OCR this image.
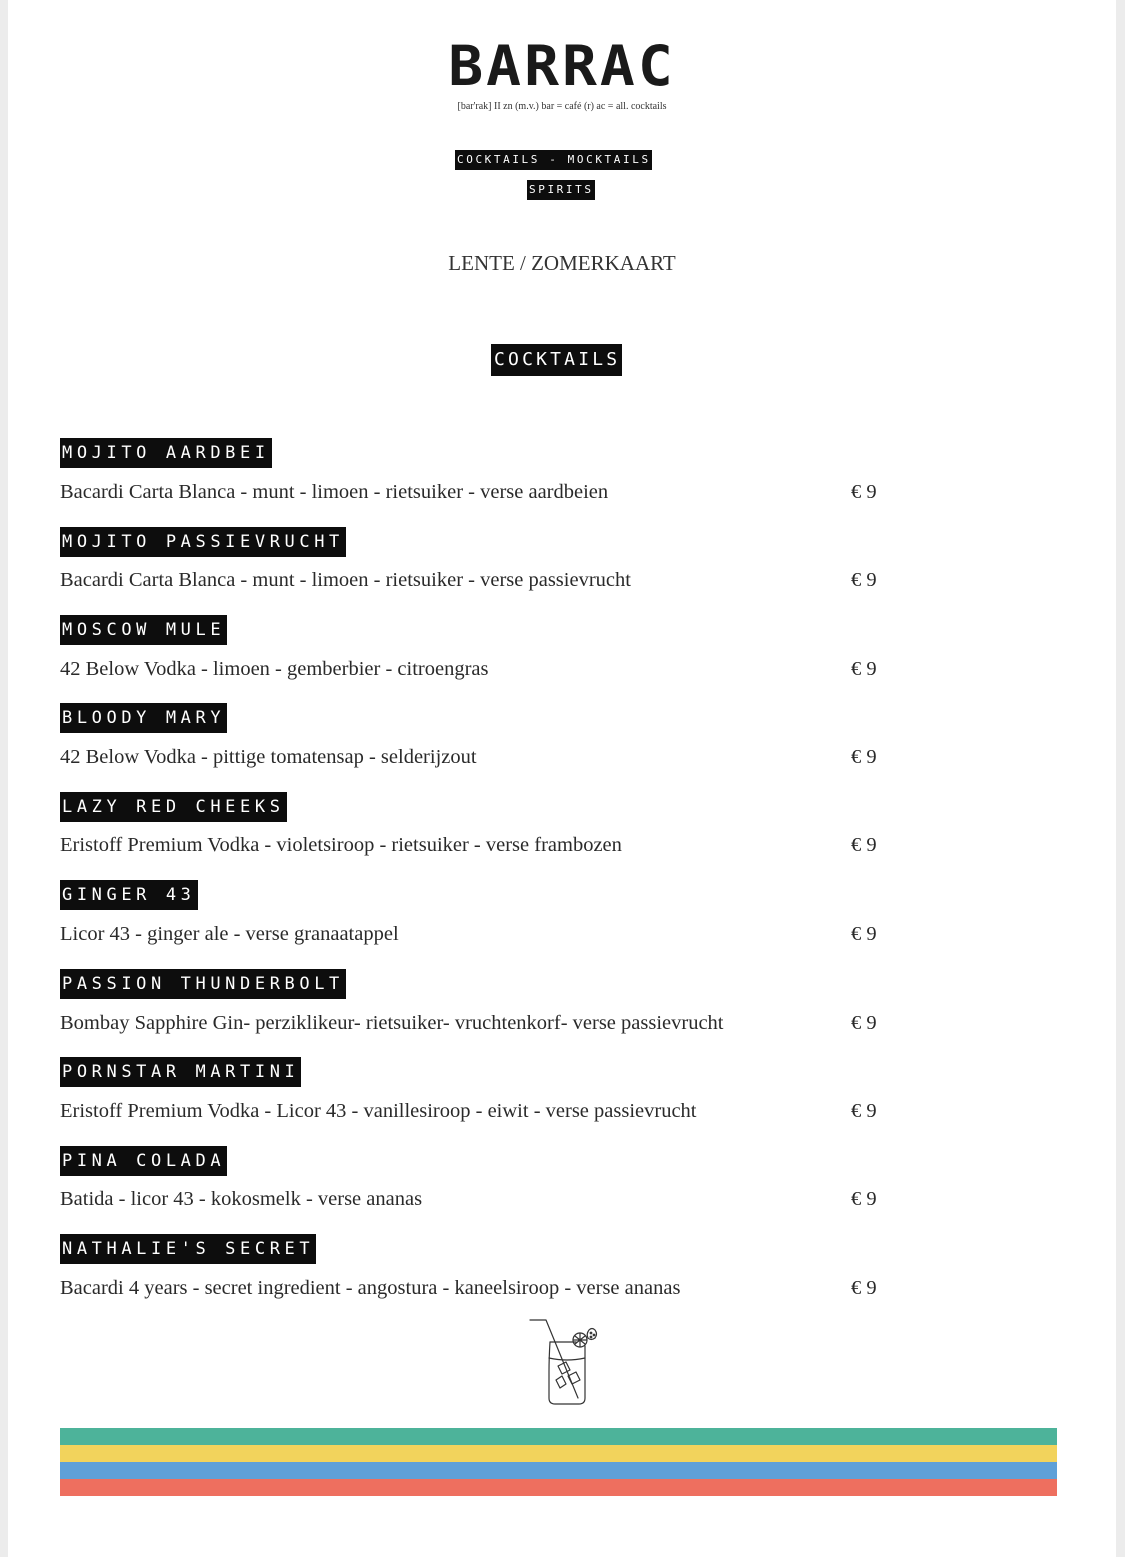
BARRAC
[bar'rak] II zn (m.v.) bar = café (r) ac = all. cocktails
COCKTAILS - MOCKTAILS
SPIRITS
LENTE / ZOMERKAART
COCKTAILS
MOJITO AARDBEI
Bacardi Carta Blanca - munt - limoen - rietsuiker - verse aardbeien	€ 9
MOJITO PASSIEVRUCHT
Bacardi Carta Blanca - munt - limoen - rietsuiker - verse passievrucht	€ 9
MOSCOW MULE
42 Below Vodka - limoen - gemberbier - citroengras	€ 9
BLOODY MARY
42 Below Vodka - pittige tomatensap - selderijzout	€ 9
LAZY RED CHEEKS
Eristoff Premium Vodka - violetsiroop - rietsuiker - verse frambozen	€ 9
GINGER 43
Licor 43 - ginger ale - verse granaatappel	€ 9
PASSION THUNDERBOLT
Bombay Sapphire Gin- perziklikeur- rietsuiker- vruchtenkorf- verse passievrucht	€ 9
PORNSTAR MARTINI
Eristoff Premium Vodka - Licor 43 - vanillesiroop - eiwit - verse passievrucht	€ 9
PINA COLADA
Batida - licor 43 - kokosmelk - verse ananas	€ 9
NATHALIE'S SECRET
Bacardi 4 years - secret ingredient - angostura - kaneelsiroop - verse ananas	€ 9
